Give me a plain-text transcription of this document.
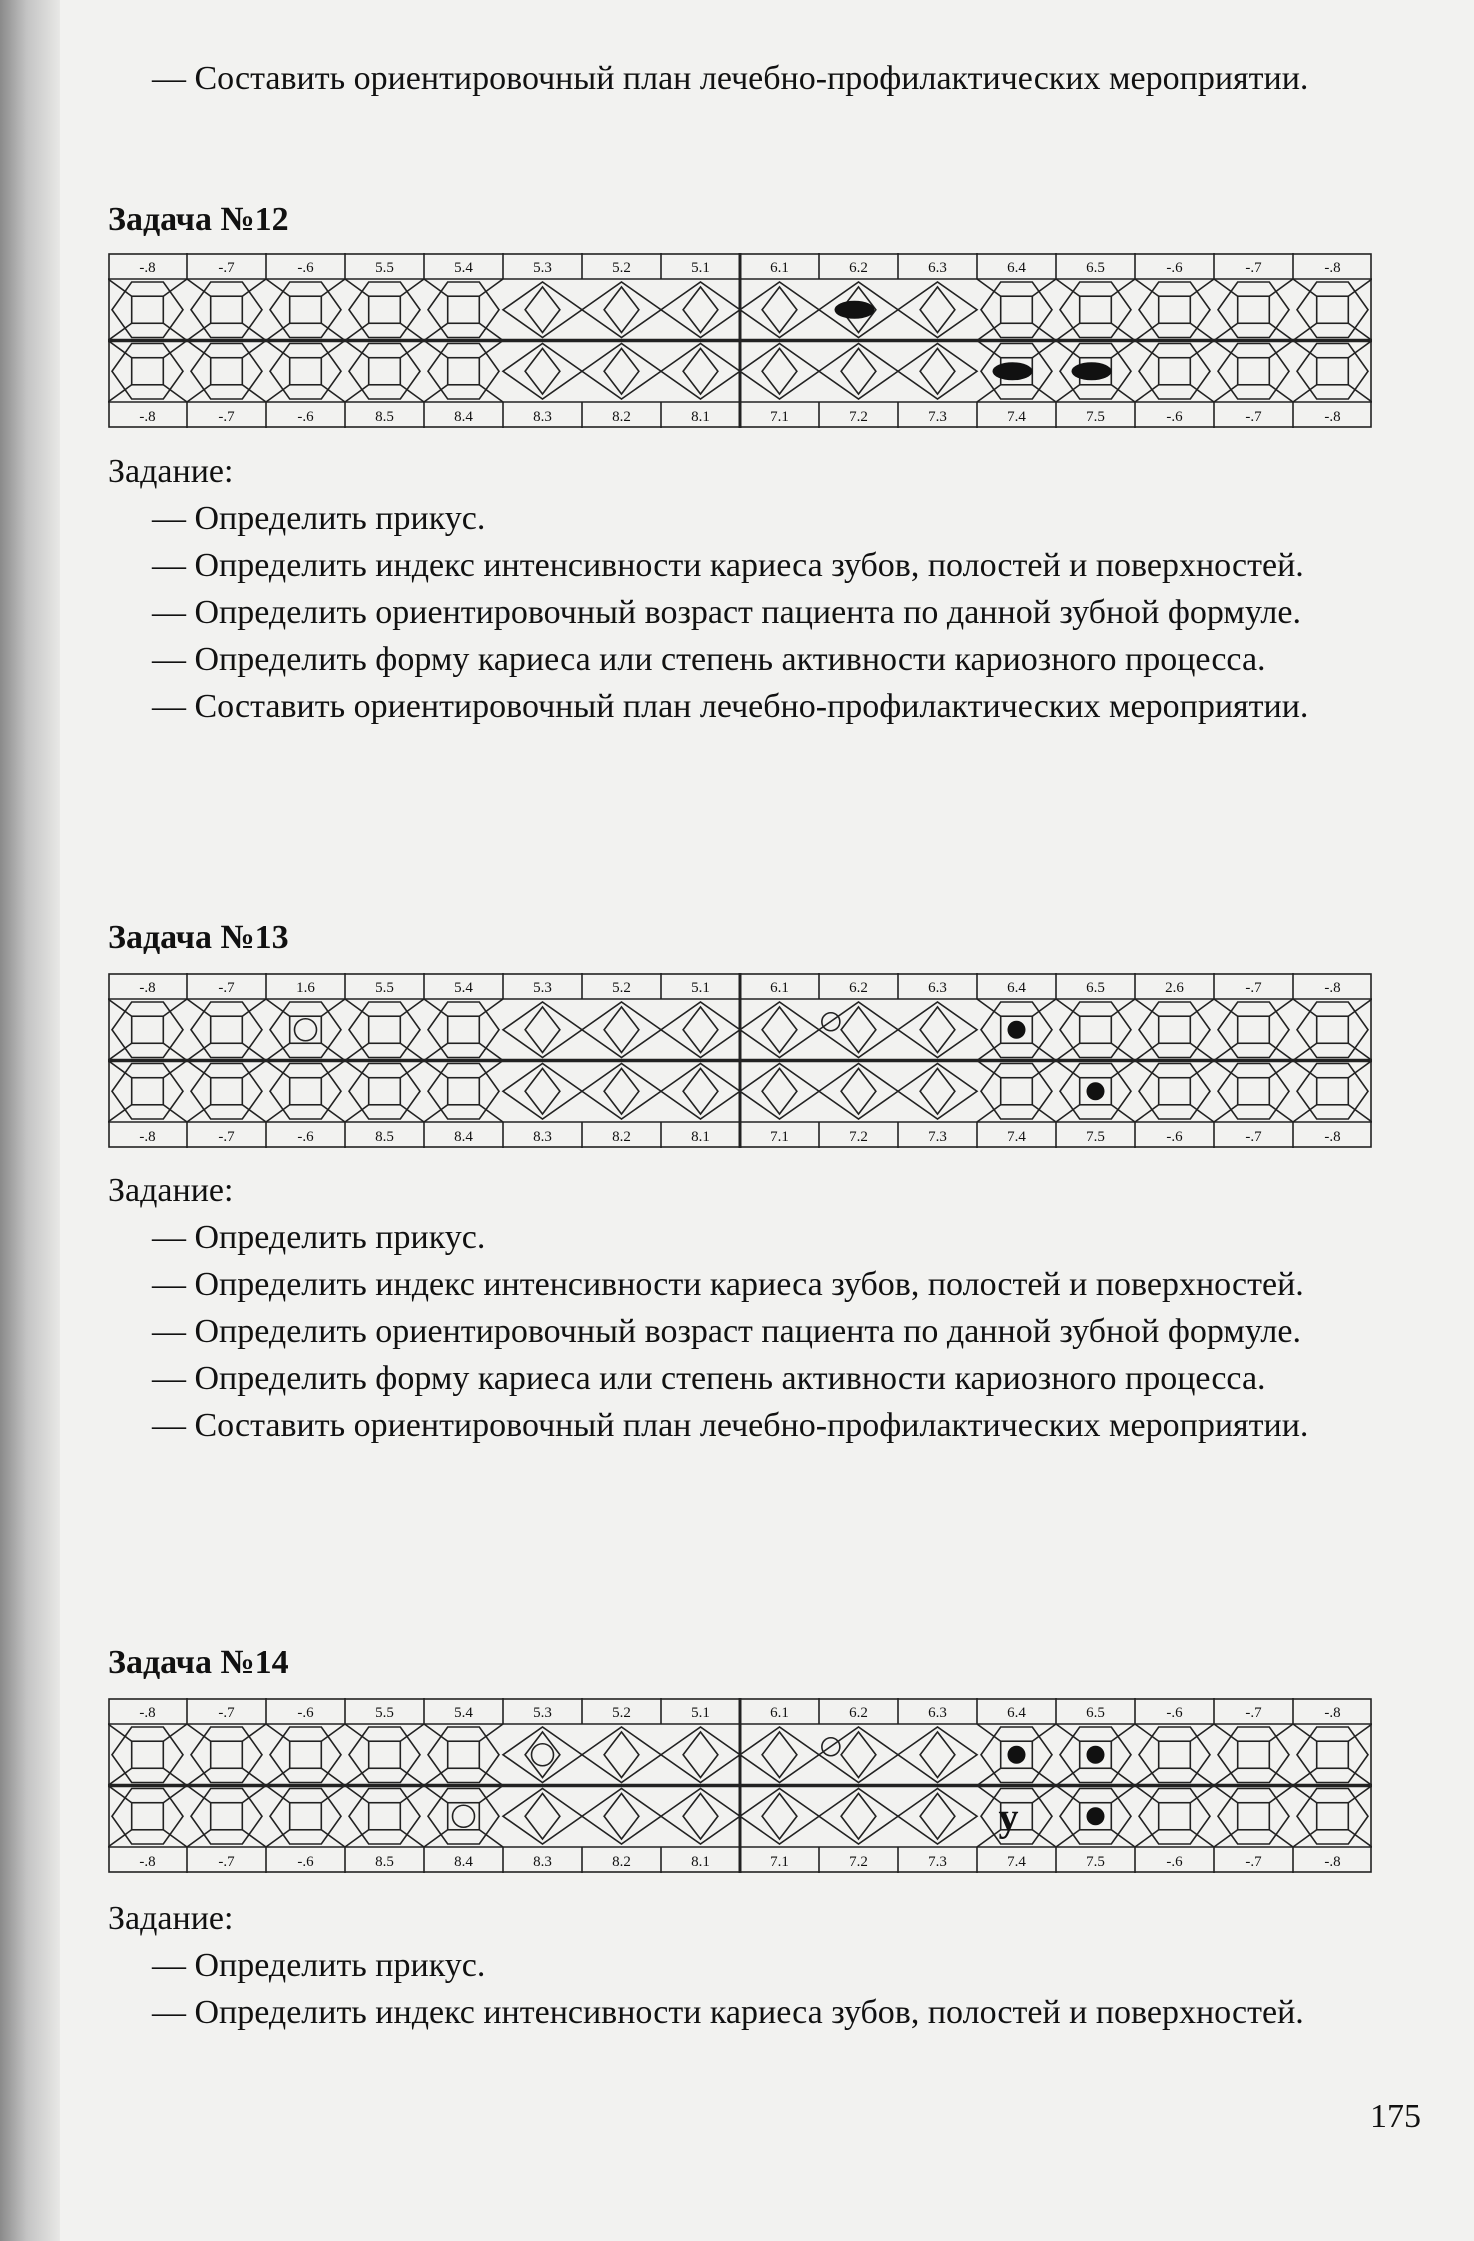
— Составить ориентировочный план лечебно-профилактических мероприятии.

Задача №12

-.8	-.7	-.6	5.5	5.4	5.3	5.2	5.1	6.1	6.2	6.3	6.4	6.5	-.6	-.7	-.8
-.8	-.7	-.6	8.5	8.4	8.3	8.2	8.1	7.1	7.2	7.3	7.4	7.5	-.6	-.7	-.8

Задание:

— Определить прикус.

— Определить индекс интенсивности кариеса зубов, полостей и поверхностей.

— Определить ориентировочный возраст пациента по данной зубной формуле.

— Определить форму кариеса или степень активности кариозного процесса.

— Составить ориентировочный план лечебно-профилактических мероприятии.

Задача №13

-.8	-.7	1.6	5.5	5.4	5.3	5.2	5.1	6.1	6.2	6.3	6.4	6.5	2.6	-.7	-.8
-.8	-.7	-.6	8.5	8.4	8.3	8.2	8.1	7.1	7.2	7.3	7.4	7.5	-.6	-.7	-.8

Задание:

— Определить прикус.

— Определить индекс интенсивности кариеса зубов, полостей и поверхностей.

— Определить ориентировочный возраст пациента по данной зубной формуле.

— Определить форму кариеса или степень активности кариозного процесса.

— Составить ориентировочный план лечебно-профилактических мероприятии.

Задача №14

-.8	-.7	-.6	5.5	5.4	5.3	5.2	5.1	6.1	6.2	6.3	6.4	6.5	-.6	-.7	-.8
-.8	-.7	-.6	8.5	8.4	8.3	8.2	8.1	7.1	7.2	7.3	7.4	7.5	-.6	-.7	-.8
у

Задание:

— Определить прикус.

— Определить индекс интенсивности кариеса зубов, полостей и поверхностей.

175
